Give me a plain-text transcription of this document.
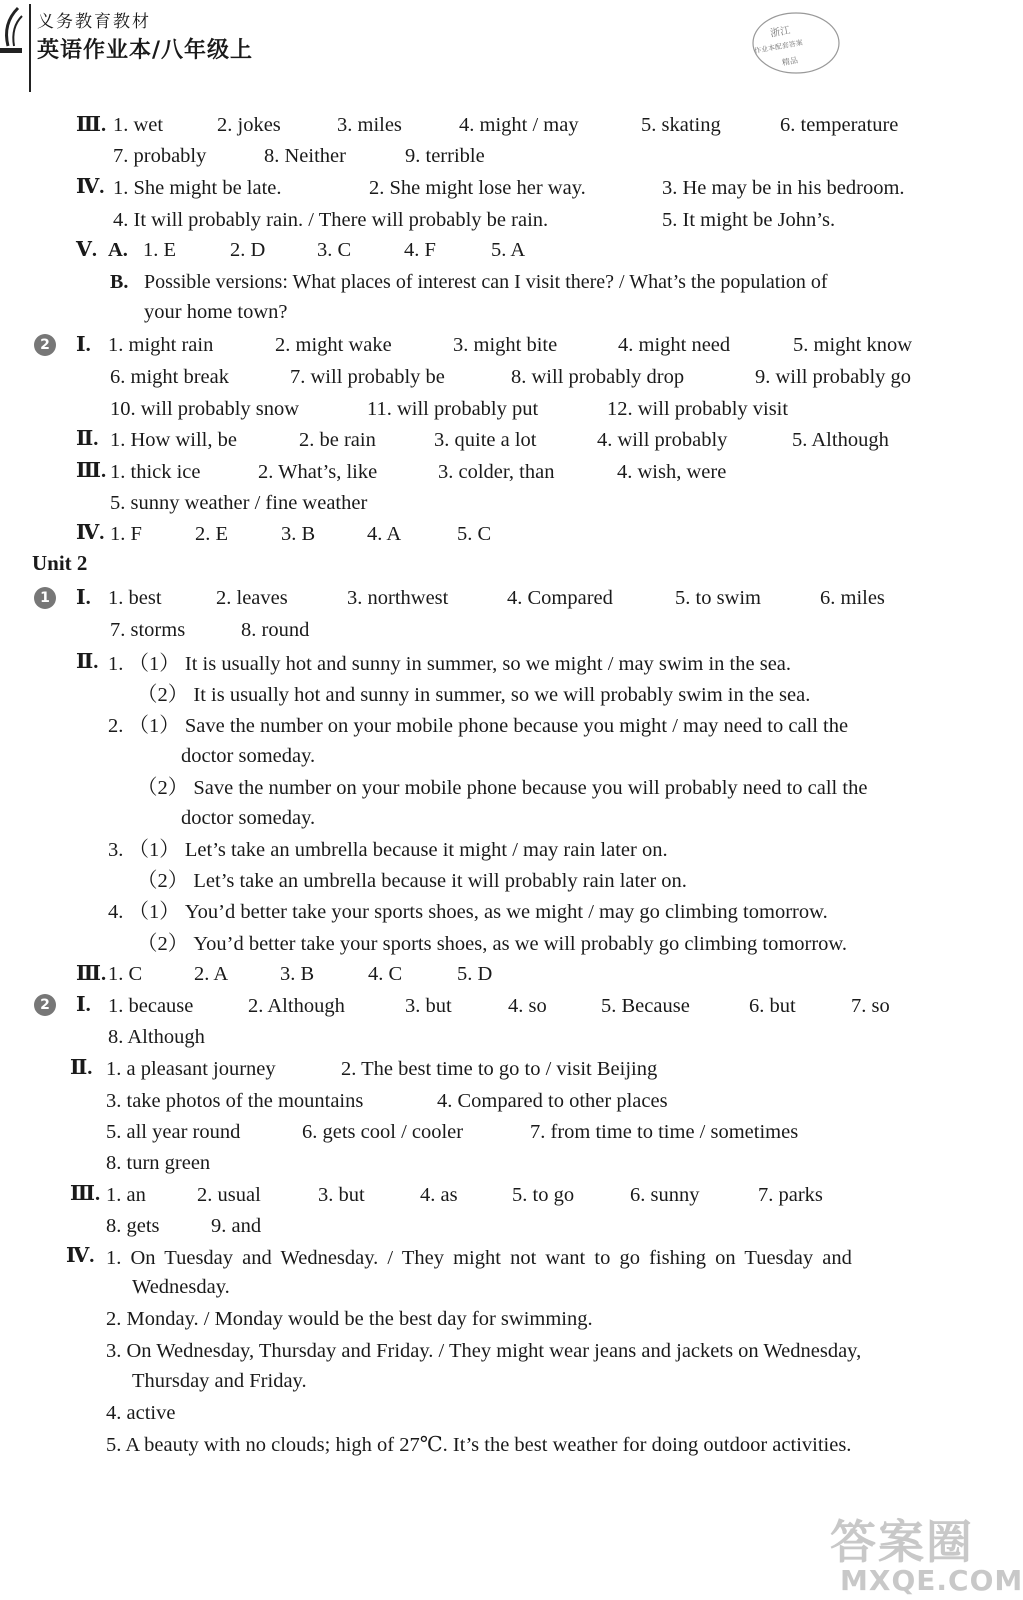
义务教育教材
英语作业本/八年级上
浙江
作业本配套答案
精品
Ⅲ. 1. wet	2. jokes	3. miles	4. might / may	5. skating	6. temperature
7. probably	8. Neither	9. terrible
Ⅳ. 1. She might be late.	2. She might lose her way.	3. He may be in his bedroom.
4. It will probably rain. / There will probably be rain.	5. It might be John’s.
Ⅴ. A. 1. E	2. D	3. C	4. F	5. A
B. Possible versions: What places of interest can I visit there? / What’s the population of
your home town?
2 Ⅰ. 1. might rain	2. might wake	3. might bite	4. might need	5. might know
6. might break	7. will probably be	8. will probably drop	9. will probably go
10. will probably snow	11. will probably put	12. will probably visit
Ⅱ. 1. How will, be	2. be rain	3. quite a lot	4. will probably	5. Although
Ⅲ. 1. thick ice	2. What’s, like	3. colder, than	4. wish, were
5. sunny weather / fine weather
Ⅳ. 1. F	2. E	3. B	4. A	5. C
Unit 2
1 Ⅰ. 1. best	2. leaves	3. northwest	4. Compared	5. to swim	6. miles
7. storms	8. round
Ⅱ. 1. （1） It is usually hot and sunny in summer, so we might / may swim in the sea.
（2） It is usually hot and sunny in summer, so we will probably swim in the sea.
2. （1） Save the number on your mobile phone because you might / may need to call the
doctor someday.
（2） Save the number on your mobile phone because you will probably need to call the
doctor someday.
3. （1） Let’s take an umbrella because it might / may rain later on.
（2） Let’s take an umbrella because it will probably rain later on.
4. （1） You’d better take your sports shoes, as we might / may go climbing tomorrow.
（2） You’d better take your sports shoes, as we will probably go climbing tomorrow.
Ⅲ. 1. C	2. A	3. B	4. C	5. D
2 Ⅰ. 1. because	2. Although	3. but	4. so	5. Because	6. but	7. so
8. Although
Ⅱ. 1. a pleasant journey	2. The best time to go to / visit Beijing
3. take photos of the mountains	4. Compared to other places
5. all year round	6. gets cool / cooler	7. from time to time / sometimes
8. turn green
Ⅲ. 1. an 2. usual	3. but	4. as	5. to go	6. sunny	7. parks
8. gets	9. and
Ⅳ. 1. On Tuesday and Wednesday. / They might not want to go fishing on Tuesday and
Wednesday.
2. Monday. / Monday would be the best day for swimming.
3. On Wednesday, Thursday and Friday. / They might wear jeans and jackets on Wednesday,
Thursday and Friday.
4. active
5. A beauty with no clouds; high of 27℃. It’s the best weather for doing outdoor activities.
答案圈
MXQE.COM
